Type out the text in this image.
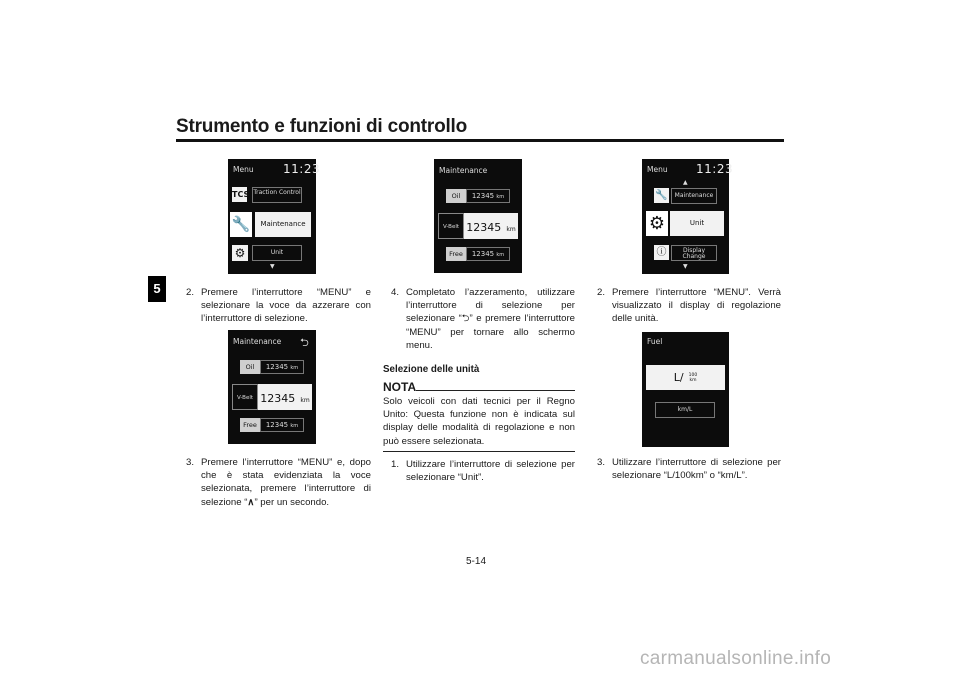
Strumento e funzioni di controllo
5
Menu 11:23
TCS Traction Control
🔧	Maintenance
⚙	Unit
▼
2. Premere l’interruttore “MENU” e selezionare la voce da azzerare con l’interruttore di selezione.
Maintenance ⮌
Oil	12345 km
V-Belt 12345 km
Free	12345 km
3. Premere l’interruttore “MENU” e, dopo che è stata evidenziata la voce selezionata, premere l’interruttore di selezione “∧” per un secondo.
Maintenance
Oil	12345 km
V-Belt 12345 km
Free	12345 km
4. Completato l’azzeramento, utilizzare l’interruttore di selezione per selezionare “⮌” e premere l’interruttore “MENU” per tornare allo schermo menu.
Selezione delle unità
NOTA
Solo veicoli con dati tecnici per il Regno Unito: Questa funzione non è indicata sul display delle modalità di regolazione e non può essere selezionata.
1. Utilizzare l’interruttore di selezione per selezionare “Unit”.
Menu 11:23
▲
🔧	Maintenance
⚙	Unit
ⓘ	Display Change
▼
2. Premere l’interruttore “MENU”. Verrà visualizzato il display di regolazione delle unità.
Fuel
L/ 100
km
km/L
3. Utilizzare l’interruttore di selezione per selezionare “L/100km” o “km/L”.
5-14
carmanualsonline.info
